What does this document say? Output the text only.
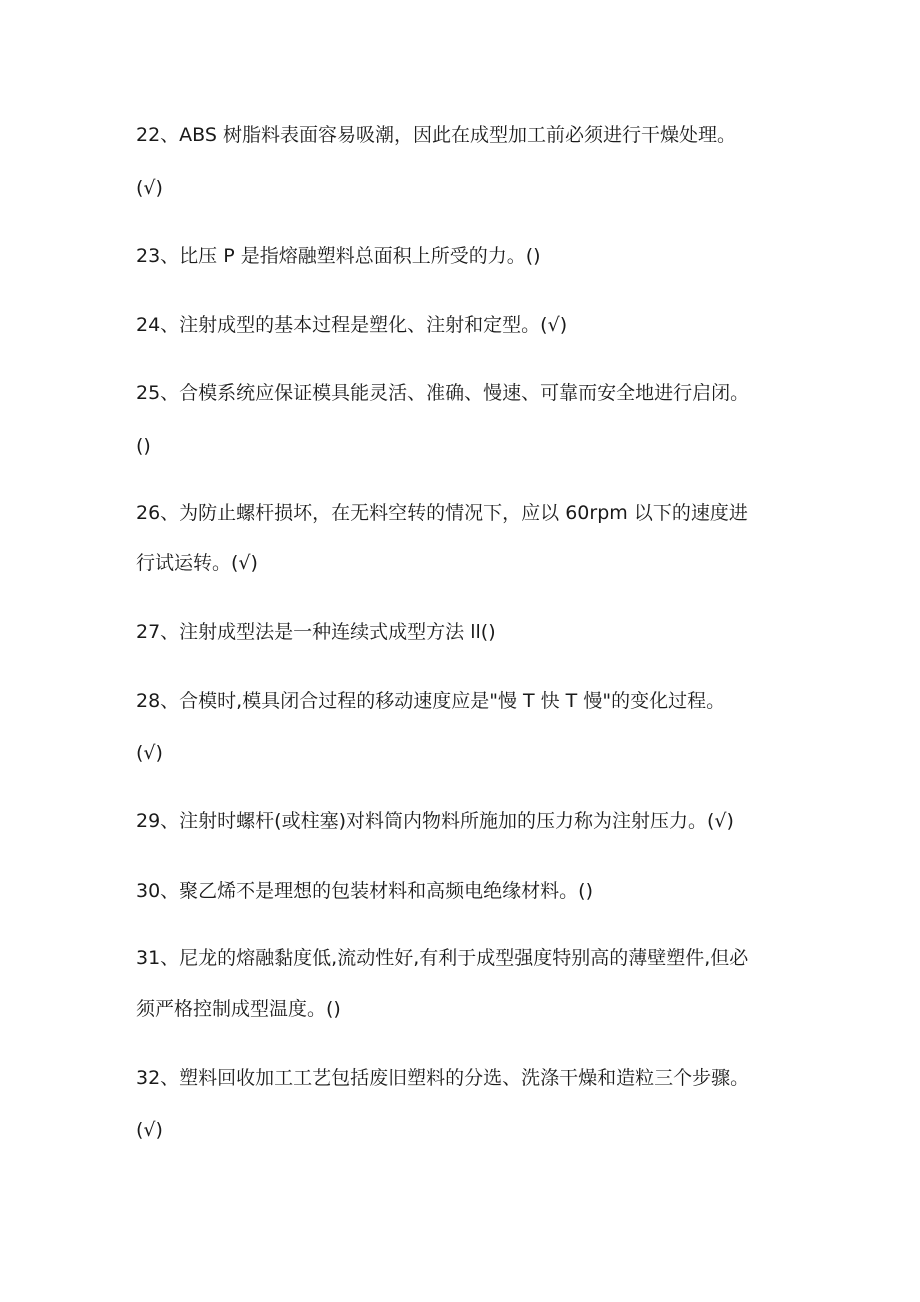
22、ABS 树脂料表面容易吸潮，因此在成型加工前必须进行干燥处理。
(√)
23、比压 P 是指熔融塑料总面积上所受的力。()
24、注射成型的基本过程是塑化、注射和定型。(√)
25、合模系统应保证模具能灵活、准确、慢速、可靠而安全地进行启闭。
()
26、为防止螺杆损坏，在无料空转的情况下，应以 60rpm 以下的速度进
行试运转。(√)
27、注射成型法是一种连续式成型方法 ll()
28、合模时,模具闭合过程的移动速度应是"慢 T 快 T 慢"的变化过程。
(√)
29、注射时螺杆(或柱塞)对料筒内物料所施加的压力称为注射压力。(√)
30、聚乙烯不是理想的包装材料和高频电绝缘材料。()
31、尼龙的熔融黏度低,流动性好,有利于成型强度特别高的薄壁塑件,但必
须严格控制成型温度。()
32、塑料回收加工工艺包括废旧塑料的分选、洗涤干燥和造粒三个步骤。
(√)
